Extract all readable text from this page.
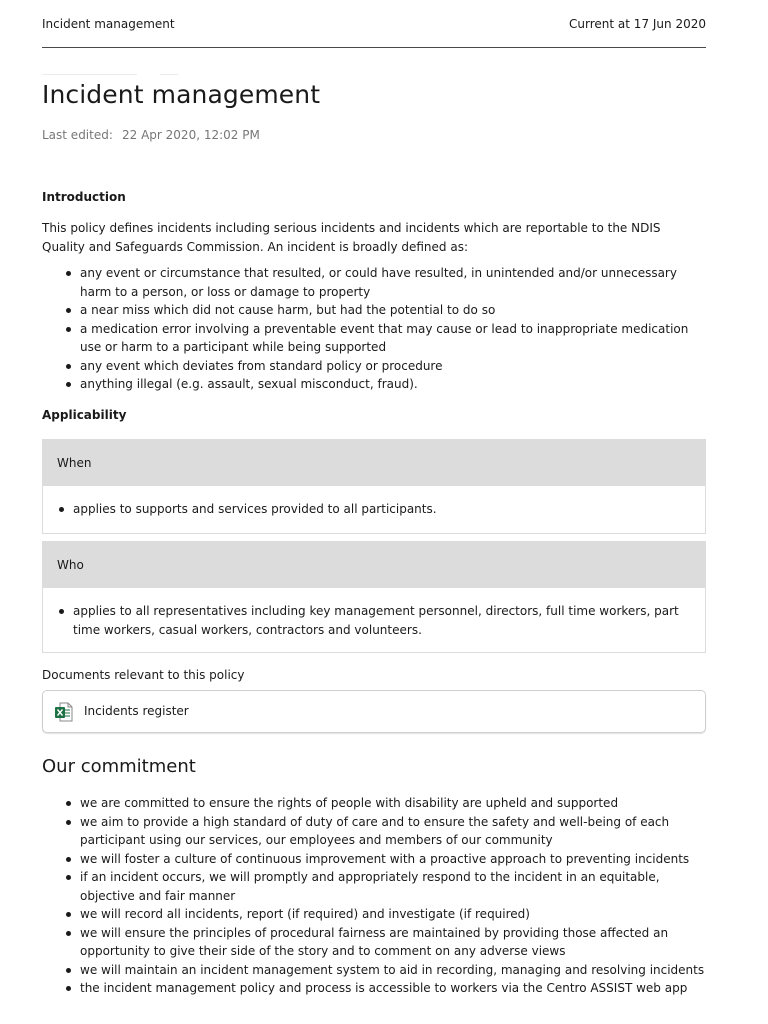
Incident management	Current at 17 Jun 2020
Incident management
Last edited: 22 Apr 2020, 12:02 PM
Introduction
This policy defines incidents including serious incidents and incidents which are reportable to the NDIS Quality and Safeguards Commission. An incident is broadly defined as:
any event or circumstance that resulted, or could have resulted, in unintended and/or unnecessary harm to a person, or loss or damage to property
a near miss which did not cause harm, but had the potential to do so
a medication error involving a preventable event that may cause or lead to inappropriate medication use or harm to a participant while being supported
any event which deviates from standard policy or procedure
anything illegal (e.g. assault, sexual misconduct, fraud).
Applicability
When
applies to supports and services provided to all participants.
Who
applies to all representatives including key management personnel, directors, full time workers, part time workers, casual workers, contractors and volunteers.
Documents relevant to this policy
Incidents register
Our commitment
we are committed to ensure the rights of people with disability are upheld and supported
we aim to provide a high standard of duty of care and to ensure the safety and well-being of each participant using our services, our employees and members of our community
we will foster a culture of continuous improvement with a proactive approach to preventing incidents
if an incident occurs, we will promptly and appropriately respond to the incident in an equitable, objective and fair manner
we will record all incidents, report (if required) and investigate (if required)
we will ensure the principles of procedural fairness are maintained by providing those affected an opportunity to give their side of the story and to comment on any adverse views
we will maintain an incident management system to aid in recording, managing and resolving incidents
the incident management policy and process is accessible to workers via the Centro ASSIST web app
